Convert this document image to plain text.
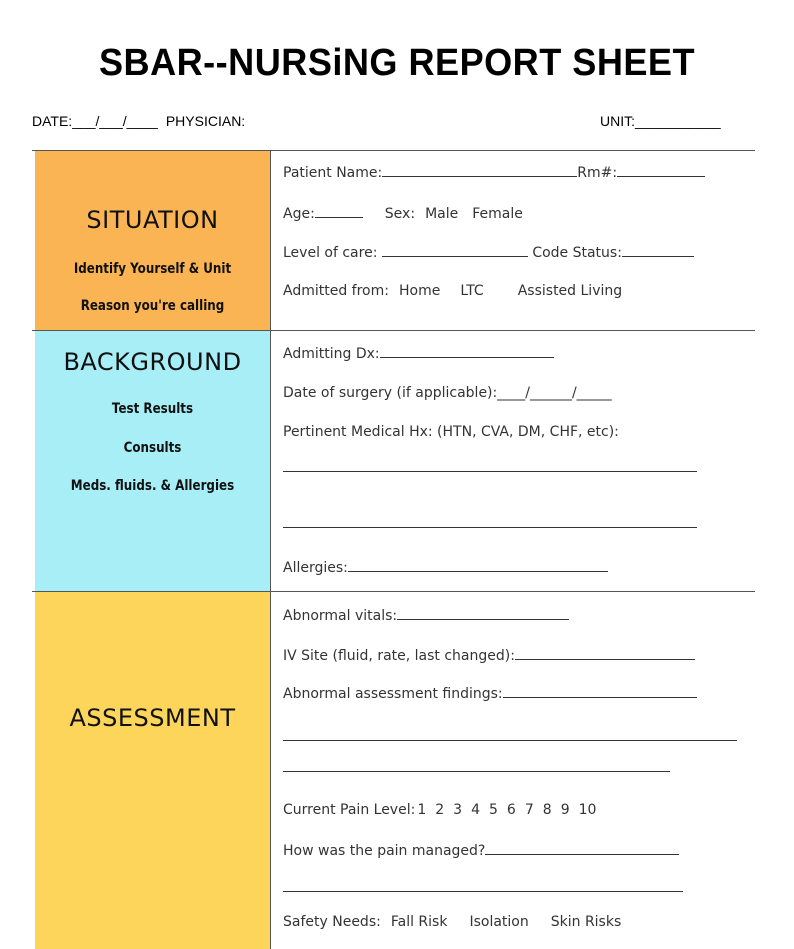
SBAR--NURSiNG REPORT SHEET
DATE:___/___/____ PHYSICIAN:	UNIT:___________
SITUATION
Identify Yourself & Unit
Reason you're calling
Patient Name:	Rm#:
Age:	Sex: Male Female
Level of care:	Code Status:
Admitted from: Home LTC Assisted Living
BACKGROUND
Test Results
Consults
Meds. fluids. & Allergies
Admitting Dx:
Date of surgery (if applicable):____/______/_____
Pertinent Medical Hx: (HTN, CVA, DM, CHF, etc):
Allergies:
ASSESSMENT
Abnormal vitals:
IV Site (fluid, rate, last changed):
Abnormal assessment findings:
Current Pain Level: 1 2 3 4 5 6 7 8 9 10
How was the pain managed?
Safety Needs: Fall Risk Isolation Skin Risks
